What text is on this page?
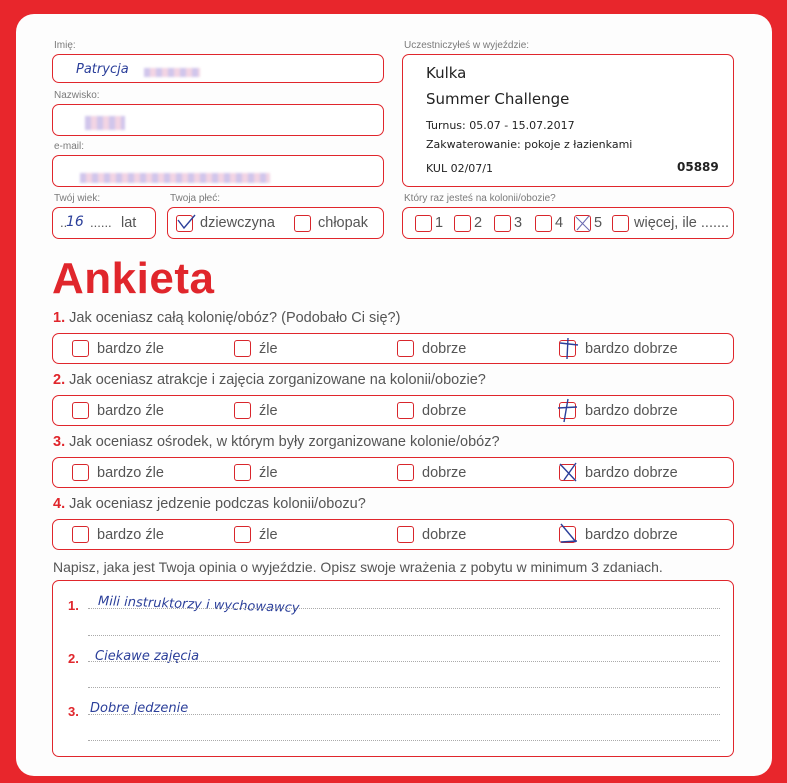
Imię:
Patrycja
Nazwisko:
e-mail:
Twój wiek:
..
16 ...... lat
Twoja płeć:
dziewczyna	chłopak
Uczestniczyłeś w wyjeździe:
Kulka
Summer Challenge
Turnus: 05.07 - 15.07.2017
Zakwaterowanie: pokoje z łazienkami
KUL 02/07/1	05889
Który raz jesteś na kolonii/obozie?
1 2 3 4 5 więcej, ile .......
Ankieta
1. Jak oceniasz całą kolonię/obóz? (Podobało Ci się?)
bardzo źle	źle	dobrze	bardzo dobrze
2. Jak oceniasz atrakcje i zajęcia zorganizowane na kolonii/obozie?
bardzo źle	źle	dobrze	bardzo dobrze
3. Jak oceniasz ośrodek, w którym były zorganizowane kolonie/obóz?
bardzo źle	źle	dobrze	bardzo dobrze
4. Jak oceniasz jedzenie podczas kolonii/obozu?
bardzo źle	źle	dobrze	bardzo dobrze
Napisz, jaka jest Twoja opinia o wyjeździe. Opisz swoje wrażenia z pobytu w minimum 3 zdaniach.
1. Mili instruktorzy i wychowawcy
2. Ciekawe zajęcia
3. Dobre jedzenie
